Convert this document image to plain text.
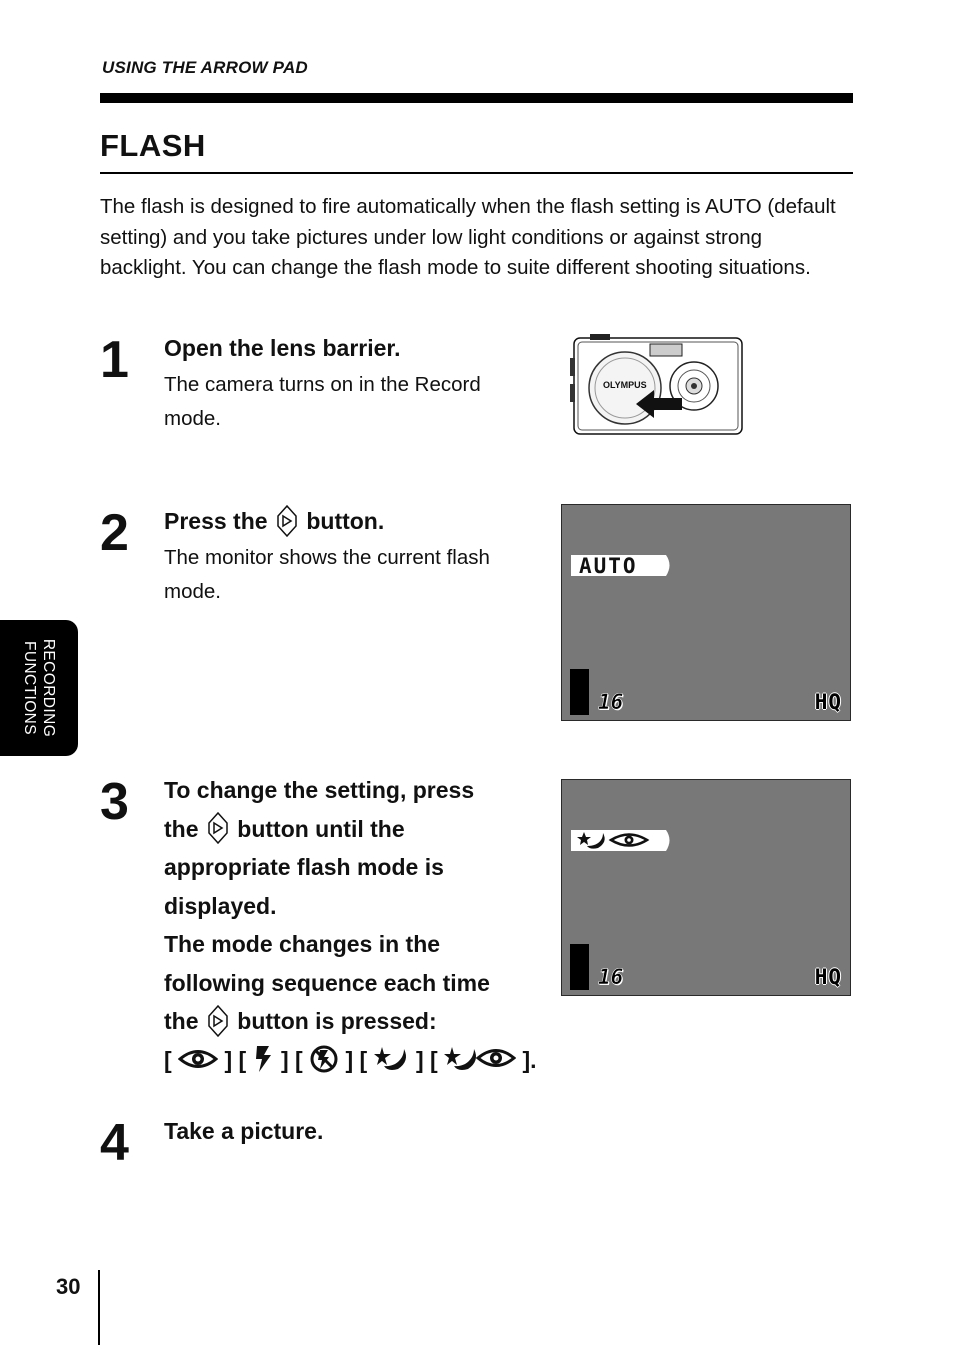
USING THE ARROW PAD
FLASH

The flash is designed to fire automatically when the flash setting is AUTO (default setting) and you take pictures under low light conditions or against strong backlight. You can change the flash mode to suite different shooting situations.

1 Open the lens barrier.

The camera turns on in the Record mode.

OLYMPUS
2 Press the button.

The monitor shows the current flash mode.

AUTO
16	HQ
RECORDING
FUNCTIONS
3 To change the setting, press
the button until the
appropriate flash mode is
displayed.
The mode changes in the
following sequence each time
the button is pressed:
[ ] [ ] [ ] [ ] [	].
16	HQ
4 Take a picture.

30
